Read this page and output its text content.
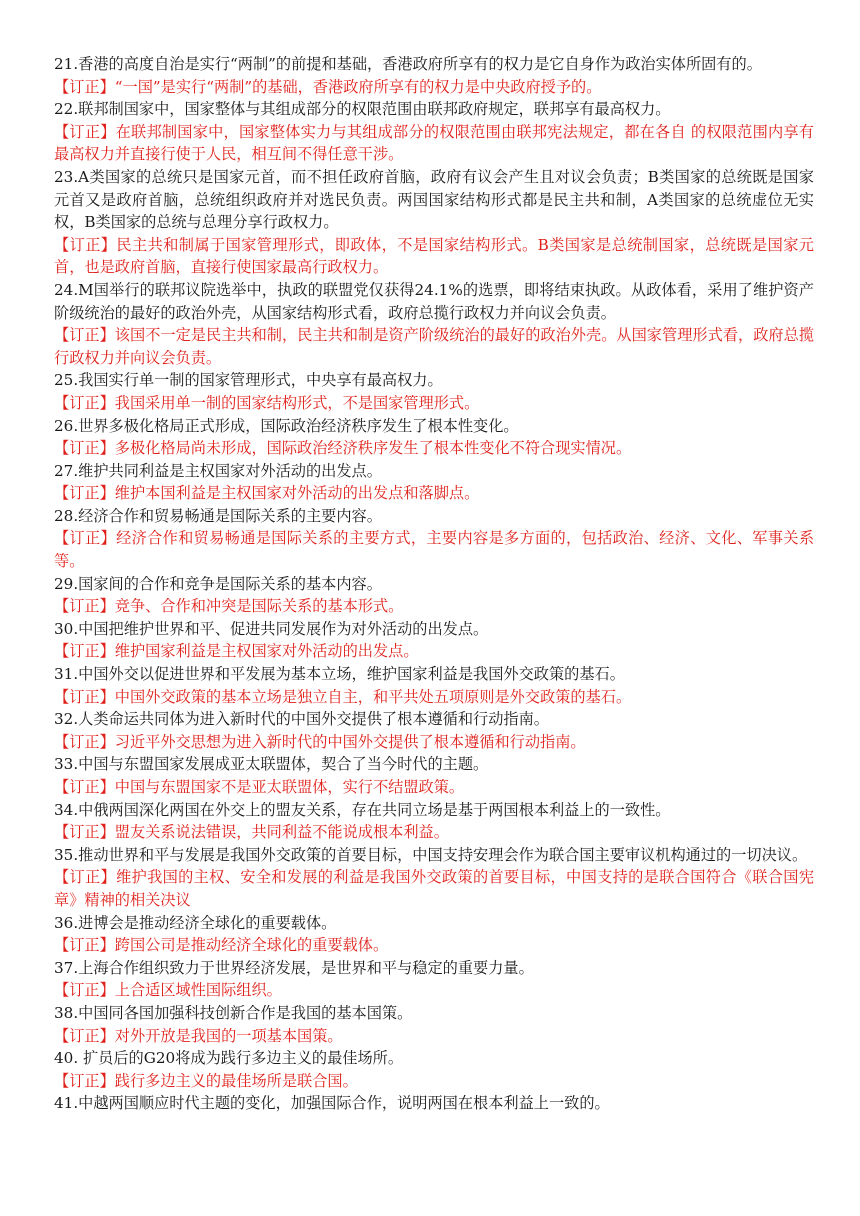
21.香港的高度自治是实行“两制”的前提和基础，香港政府所享有的权力是它自身作为政治实体所固有的。

【订正】“一国”是实行“两制”的基础，香港政府所享有的权力是中央政府授予的。

22.联邦制国家中，国家整体与其组成部分的权限范围由联邦政府规定，联邦享有最高权力。

【订正】在联邦制国家中，国家整体实力与其组成部分的权限范围由联邦宪法规定，都在各自 的权限范围内享有最高权力并直接行使于人民，相互间不得任意干涉。

23.A类国家的总统只是国家元首，而不担任政府首脑，政府有议会产生且对议会负责；B类国家的总统既是国家元首又是政府首脑，总统组织政府并对选民负责。两国国家结构形式都是民主共和制，A类国家的总统虚位无实权，B类国家的总统与总理分享行政权力。

【订正】民主共和制属于国家管理形式，即政体，不是国家结构形式。B类国家是总统制国家，总统既是国家元首，也是政府首脑，直接行使国家最高行政权力。

24.M国举行的联邦议院选举中，执政的联盟党仅获得24.1%的选票，即将结束执政。从政体看，采用了维护资产阶级统治的最好的政治外壳，从国家结构形式看，政府总揽行政权力并向议会负责。

【订正】该国不一定是民主共和制，民主共和制是资产阶级统治的最好的政治外壳。从国家管理形式看，政府总揽行政权力并向议会负责。

25.我国实行单一制的国家管理形式，中央享有最高权力。

【订正】我国采用单一制的国家结构形式，不是国家管理形式。

26.世界多极化格局正式形成，国际政治经济秩序发生了根本性变化。

【订正】多极化格局尚未形成，国际政治经济秩序发生了根本性变化不符合现实情况。

27.维护共同利益是主权国家对外活动的出发点。

【订正】维护本国利益是主权国家对外活动的出发点和落脚点。

28.经济合作和贸易畅通是国际关系的主要内容。

【订正】经济合作和贸易畅通是国际关系的主要方式，主要内容是多方面的，包括政治、经济、文化、军事关系等。

29.国家间的合作和竞争是国际关系的基本内容。

【订正】竞争、合作和冲突是国际关系的基本形式。

30.中国把维护世界和平、促进共同发展作为对外活动的出发点。

【订正】维护国家利益是主权国家对外活动的出发点。

31.中国外交以促进世界和平发展为基本立场，维护国家利益是我国外交政策的基石。

【订正】中国外交政策的基本立场是独立自主，和平共处五项原则是外交政策的基石。

32.人类命运共同体为进入新时代的中国外交提供了根本遵循和行动指南。

【订正】习近平外交思想为进入新时代的中国外交提供了根本遵循和行动指南。

33.中国与东盟国家发展成亚太联盟体，契合了当今时代的主题。

【订正】中国与东盟国家不是亚太联盟体，实行不结盟政策。

34.中俄两国深化两国在外交上的盟友关系，存在共同立场是基于两国根本利益上的一致性。

【订正】盟友关系说法错误，共同利益不能说成根本利益。

35.推动世界和平与发展是我国外交政策的首要目标，中国支持安理会作为联合国主要审议机构通过的一切决议。

【订正】维护我国的主权、安全和发展的利益是我国外交政策的首要目标，中国支持的是联合国符合《联合国宪章》精神的相关决议

36.进博会是推动经济全球化的重要载体。

【订正】跨国公司是推动经济全球化的重要载体。

37.上海合作组织致力于世界经济发展，是世界和平与稳定的重要力量。

【订正】上合适区域性国际组织。

38.中国同各国加强科技创新合作是我国的基本国策。

【订正】对外开放是我国的一项基本国策。

40. 扩员后的G20将成为践行多边主义的最佳场所。

【订正】践行多边主义的最佳场所是联合国。

41.中越两国顺应时代主题的变化，加强国际合作，说明两国在根本利益上一致的。
